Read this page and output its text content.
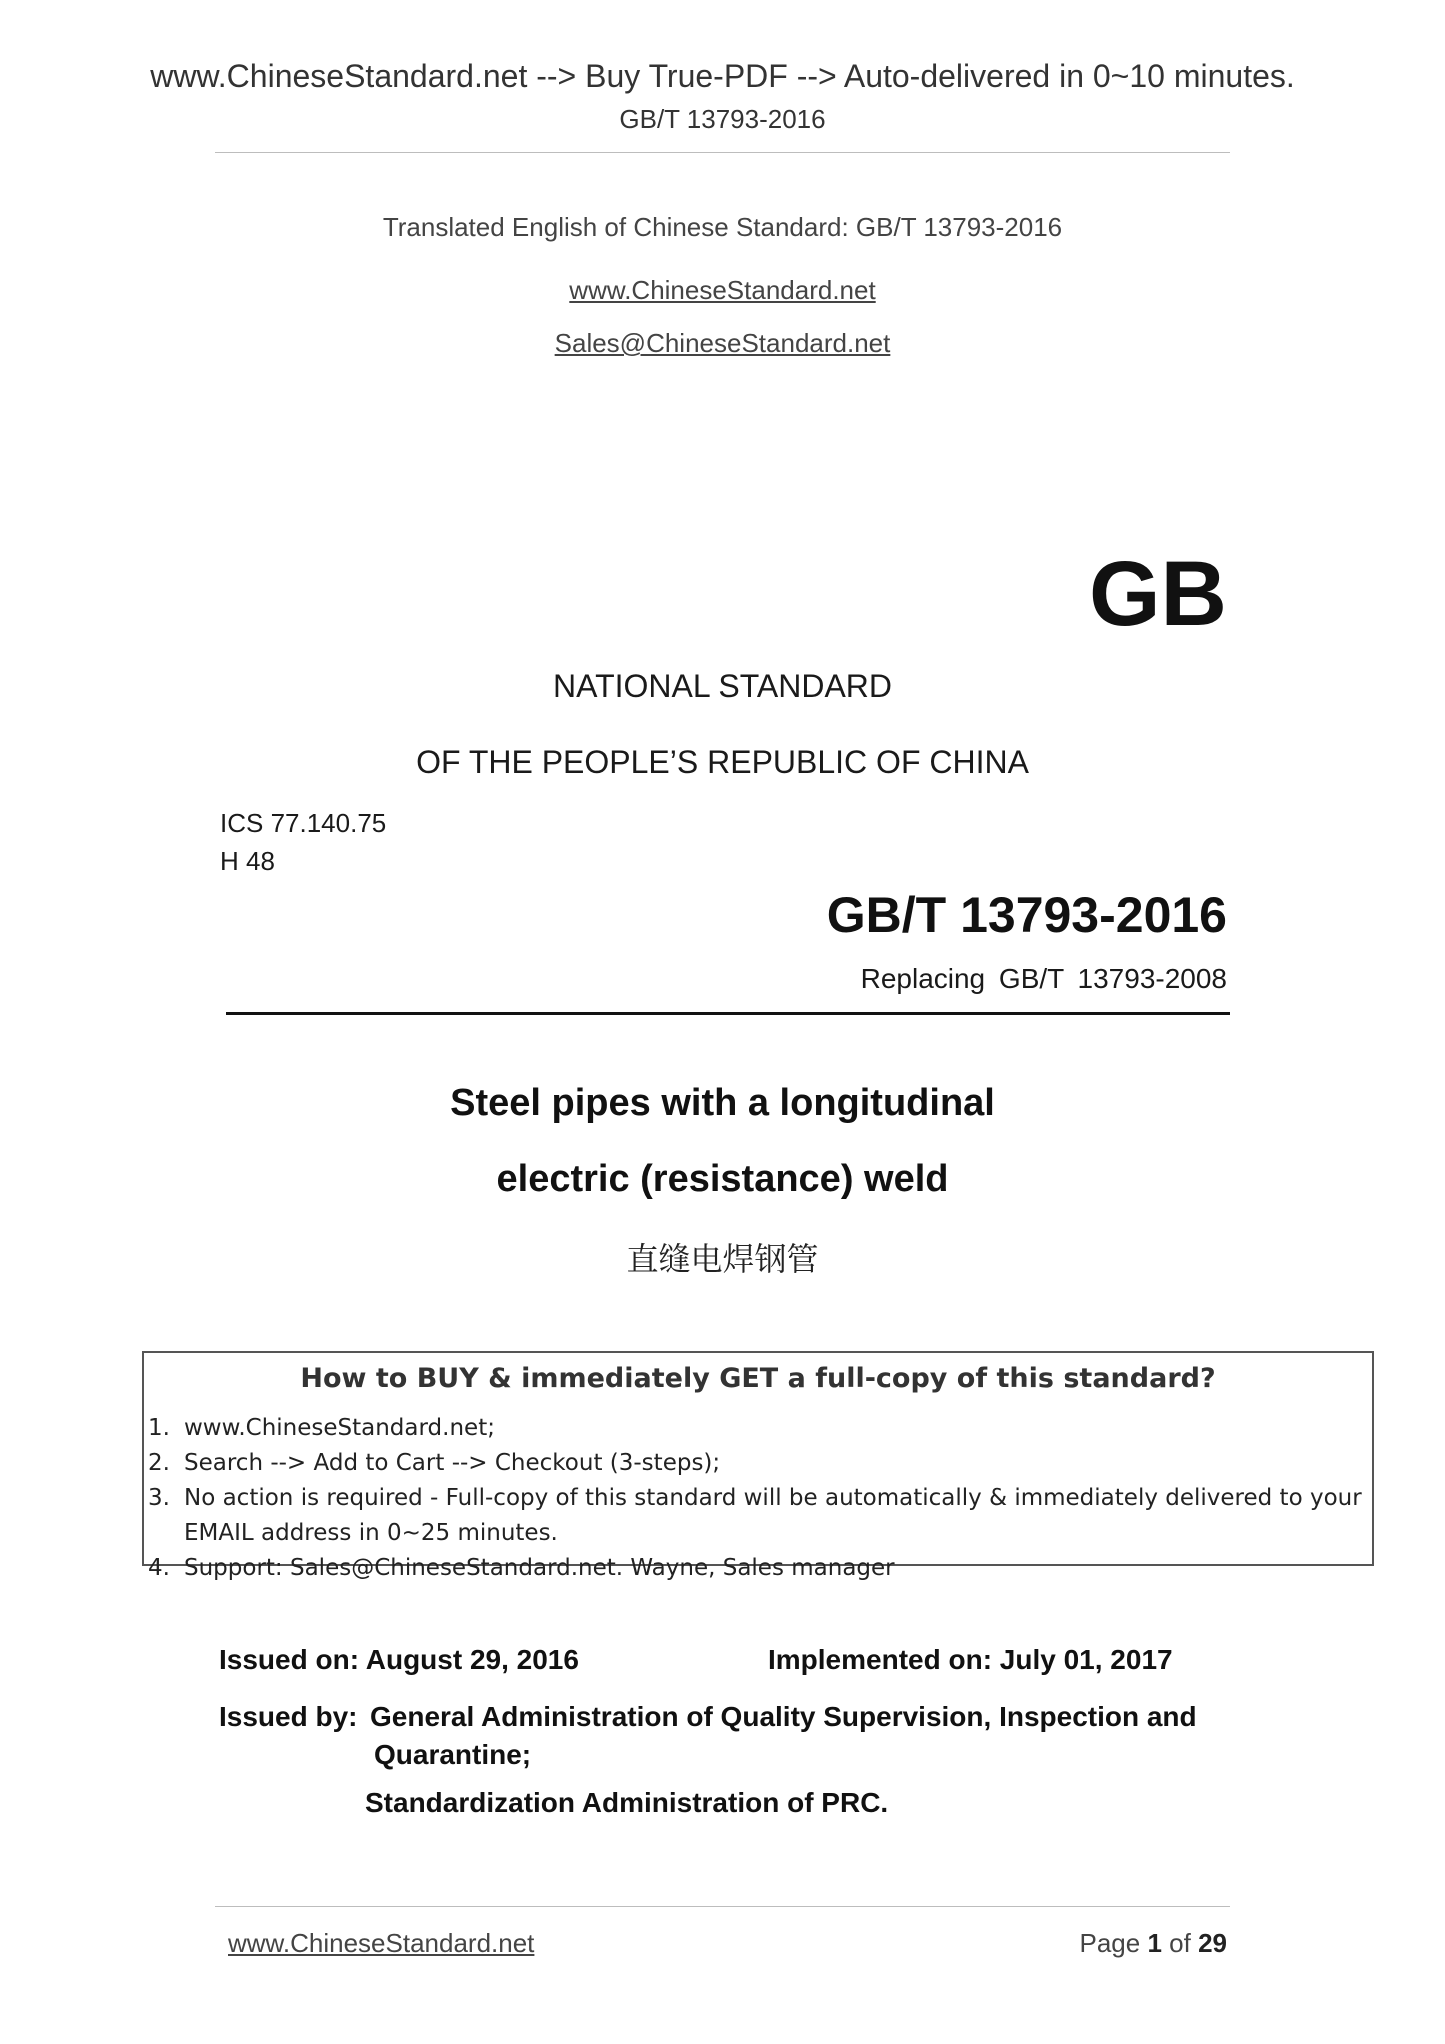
www.ChineseStandard.net --> Buy True-PDF --> Auto-delivered in 0~10 minutes.
GB/T 13793-2016
Translated English of Chinese Standard: GB/T 13793-2016
www.ChineseStandard.net
Sales@ChineseStandard.net
GB
NATIONAL STANDARD
OF THE PEOPLE’S REPUBLIC OF CHINA
ICS 77.140.75
H 48
GB/T 13793-2016
Replacing GB/T 13793-2008
Steel pipes with a longitudinal
electric (resistance) weld
直缝电焊钢管
How to BUY & immediately GET a full-copy of this standard?
1. www.ChineseStandard.net;
2. Search --> Add to Cart --> Checkout (3-steps);
3. No action is required - Full-copy of this standard will be automatically & immediately delivered to your EMAIL address in 0~25 minutes.
4. Support: Sales@ChineseStandard.net. Wayne, Sales manager
Issued on: August 29, 2016	Implemented on: July 01, 2017
Issued by: General Administration of Quality Supervision, Inspection and
Quarantine;
Standardization Administration of PRC.
www.ChineseStandard.net	Page 1 of 29
